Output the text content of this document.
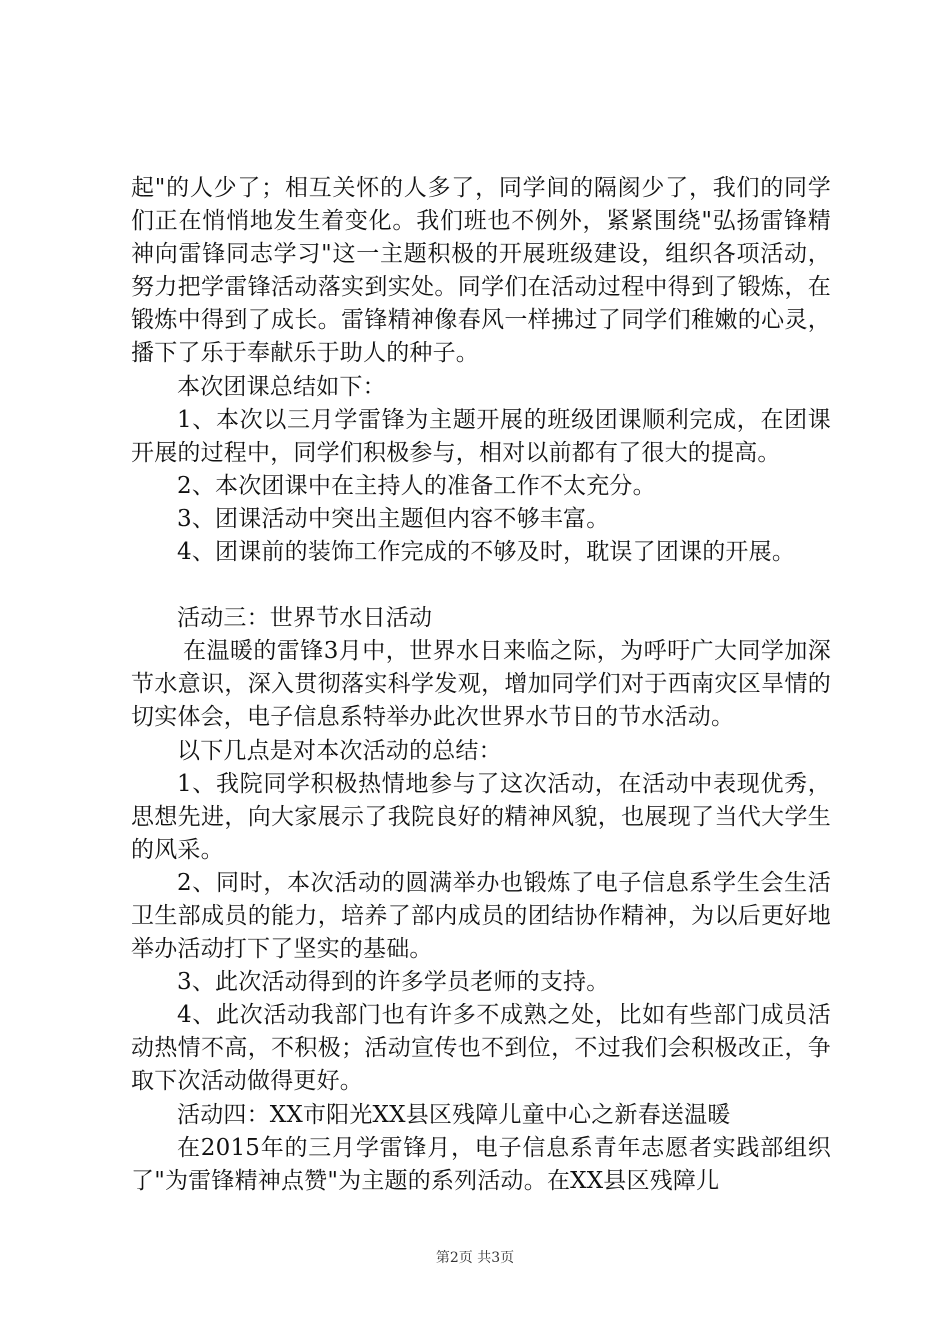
起"的人少了；相互关怀的人多了，同学间的隔阂少了，我们的同学们正在悄悄地发生着变化。我们班也不例外，紧紧围绕"弘扬雷锋精神向雷锋同志学习"这一主题积极的开展班级建设，组织各项活动，努力把学雷锋活动落实到实处。同学们在活动过程中得到了锻炼，在锻炼中得到了成长。雷锋精神像春风一样拂过了同学们稚嫩的心灵，播下了乐于奉献乐于助人的种子。

本次团课总结如下：

1、本次以三月学雷锋为主题开展的班级团课顺利完成，在团课开展的过程中，同学们积极参与，相对以前都有了很大的提高。

2、本次团课中在主持人的准备工作不太充分。

3、团课活动中突出主题但内容不够丰富。

4、团课前的装饰工作完成的不够及时，耽误了团课的开展。

活动三：世界节水日活动

在温暖的雷锋3月中，世界水日来临之际，为呼吁广大同学加深节水意识，深入贯彻落实科学发观，增加同学们对于西南灾区旱情的切实体会，电子信息系特举办此次世界水节日的节水活动。

以下几点是对本次活动的总结：

1、我院同学积极热情地参与了这次活动，在活动中表现优秀，思想先进，向大家展示了我院良好的精神风貌，也展现了当代大学生的风采。

2、同时，本次活动的圆满举办也锻炼了电子信息系学生会生活卫生部成员的能力，培养了部内成员的团结协作精神，为以后更好地举办活动打下了坚实的基础。

3、此次活动得到的许多学员老师的支持。

4、此次活动我部门也有许多不成熟之处，比如有些部门成员活动热情不高，不积极；活动宣传也不到位，不过我们会积极改正，争取下次活动做得更好。

活动四：XX市阳光XX县区残障儿童中心之新春送温暖

在2015年的三月学雷锋月，电子信息系青年志愿者实践部组织了"为雷锋精神点赞"为主题的系列活动。在XX县区残障儿

第2页 共3页
